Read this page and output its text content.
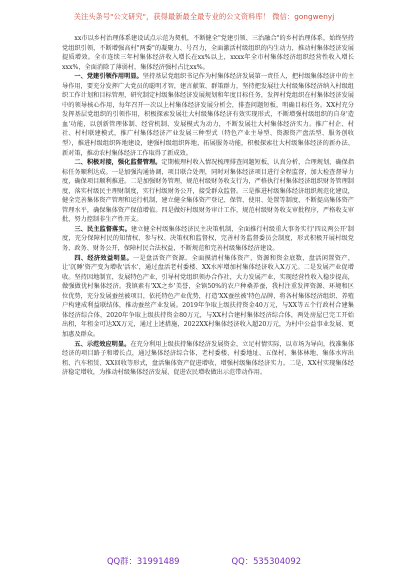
关注头条号"公文研究"，获得最新最全最专业的公文资料库！ 微信：gongwenyj

xx市以乡村治理体系建设试点示范为契机，不断健全"党建引领、三治融合"的乡村治理体系，始终坚持党组织引领，不断增强高村"两委"的凝聚力、号召力，全面激活村级组织的内生动力，推动村集体经济发展提质增效。全市连续三年村集体经济收入增长在xx%以上，xxxx年全市村集体经济组织经营性收入增长xxx%，全面消除了薄弱村，集体经济强村占比xx%。

一、党建引领作用明显。坚持基层党组织书记作为村集体经济发展第一责任人，把村级集体经济中的主导作用，要充分发挥广大党员的聪明才智，建言献策、群策群力，坚持把发展壮大村级集体经济纳入村级组织工作计划和目标管理，研究制定村级集体经济发展规划和年度目标任务，发挥村党组织在村集体经济发展中的领导核心作用，每年召开一次以上村集体经济发展分析会，排查问题短板，明确目标任务。XX村充分发挥基层党组织的引领作用，积极探索发展壮大村级集体经济有效实现形式，不断增强村级组织的自身'造血'功能，以创新管理体制、经营机制、发展模式为动力，不断发展壮大村集体经济实力。推广村企、村社、村村联建模式，推广村集体经济产业发展三种型式（特色产业主导型、资源资产盘活型、服务创收型），推进村级组织阵地建设，建强村级组织阵地，拓展服务功能，积极探索壮大村级集体经济的新办法、新对策，推动农村集体经济工作取得了新成效。

二、积极对接，强化监督管理。定期梳理村收入情况梳理排查问题短板，认真分析，合理规划，确保指标任务顺利达成。一是加强沟通协调，项目联合处理，同时对集体经济项目进行全程监督，加大检查督导力度，确保项目顺利推进。二是加强财务管理，规范村级财务收支行为，严格执行村集体经济组织财务管理制度，落实村级民主理财制度，实行村级财务公开，接受群众监督。三是推进村级集体经济组织规范化建设，健全完善集体资产管理和运行机制，建立健全集体资产登记、保管、使用、处置等制度，不断提高集体资产管理水平，确保集体资产保值增值。四是做好村级财务审计工作，规范村级财务收支审批程序，严格收支审批，努力控制非生产性开支。

三、民主监督落实。建立健全村级集体经济民主决策机制，全面推行村级重大事务实行'四议两公开'制度，充分保障村民的知情权、参与权、决策权和监督权，完善村务监督委员会制度，形式积极开展村级党务、政务、财务公开，保障村民合法权益，不断规范和完善村级集体经济建设。

四、经济效益明显。一是盘活资产资源。全面摸清村集体资产、资源和资金底数，盘活闲置资产，让'沉睡'资产变为增收'活水'，通过盘活老村委楼、XX水库增加村集体经济收入X万元。二是发展产业促增收。坚持因地制宜，发展特色产业，引导村党组织领办合作社，大力发展产业，实现经营性收入稳步提高，做强做优村集体经济。我镇素有'XX之乡'美誉，全镇50%的农户种桑养蚕，我村注重发挥资源、环境和区位优势，充分发展蚕丝被项目，依托特色产业优势，打造'XX蚕丝被'特色品牌，将各村集体经济组织、养殖户构建成利益联结体，推动蚕丝产业发展。2019年争取上级扶持资金40万元，与XX等五个行政村合建集体经济综合体，2020年争取上级扶持资金80万元，与XX村合建村集体经济综合体，两处房屋已完工开始出租，年租金可达XX万元，通过上述措施，2022XX村集体经济收入超20万元，为村中公益事业发展、更加惠及群众。

五、示范效应明显。在充分利用上级扶持集体经济发展资金，立足村情实际，以市场为导向，找准集体经济的项目路子和增长点，通过集体经济综合体，老村委楼、村委地址、五保村、集体林地、集体水库出租、汽车租赁、XX回收等形式，盘活集体资产促进增收，增强村级集体经济实力。二是，XX村实现集体经济稳定增收，为推动村级集体经济发展、促进农民增收做出示范带动作用。

QQ群：31991489	QQ：535304092
